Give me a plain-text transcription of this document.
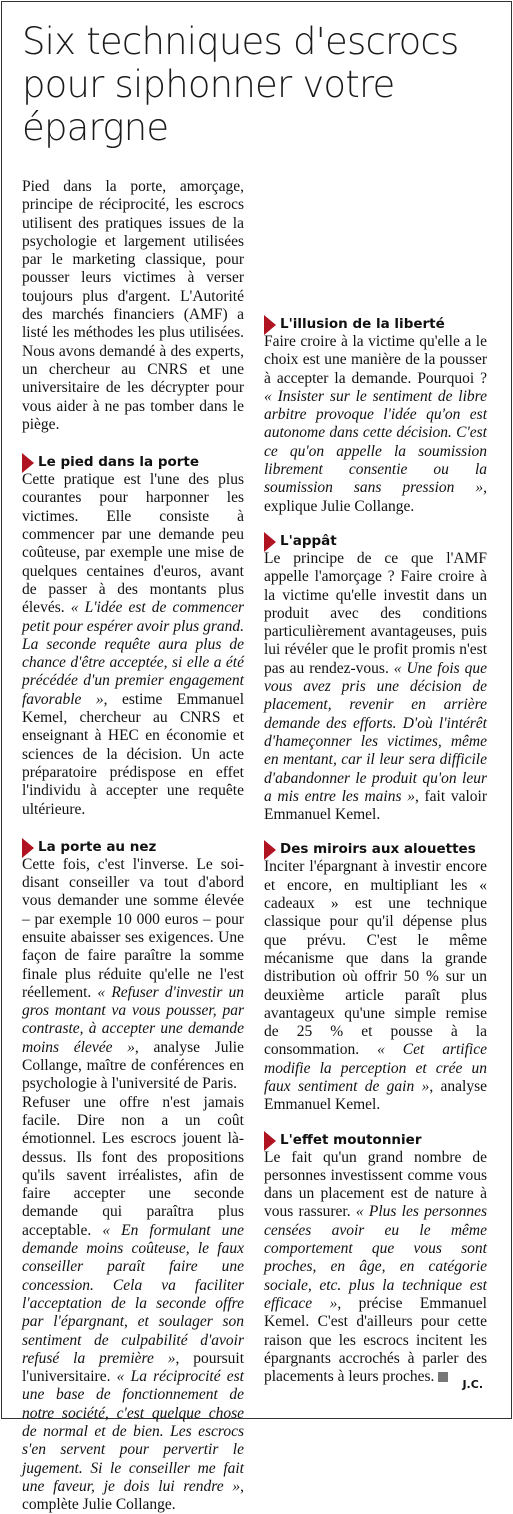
Six techniques d'escrocs pour siphonner votre épargne

Pied dans la porte, amorçage, principe de réciprocité, les escrocs utilisent des pratiques issues de la psychologie et largement utilisées par le marketing classique, pour pousser leurs victimes à verser toujours plus d'argent. L'Autorité des marchés financiers (AMF) a listé les méthodes les plus utilisées. Nous avons demandé à des experts, un chercheur au CNRS et une universitaire de les décrypter pour vous aider à ne pas tomber dans le piège.

Le pied dans la porte

Cette pratique est l'une des plus courantes pour harponner les victimes. Elle consiste à commencer par une demande peu coûteuse, par exemple une mise de quelques centaines d'euros, avant de passer à des montants plus élevés. « L'idée est de commencer petit pour espérer avoir plus grand. La seconde requête aura plus de chance d'être acceptée, si elle a été précédée d'un premier engagement favorable », estime Emmanuel Kemel, chercheur au CNRS et enseignant à HEC en économie et sciences de la décision. Un acte préparatoire prédispose en effet l'individu à accepter une requête ultérieure.

La porte au nez

Cette fois, c'est l'inverse. Le soi-disant conseiller va tout d'abord vous demander une somme élevée – par exemple 10 000 euros – pour ensuite abaisser ses exigences. Une façon de faire paraître la somme finale plus réduite qu'elle ne l'est réellement. « Refuser d'investir un gros montant va vous pousser, par contraste, à accepter une demande moins élevée », analyse Julie Collange, maître de conférences en psychologie à l'université de Paris.

Refuser une offre n'est jamais facile. Dire non a un coût émotionnel. Les escrocs jouent là-dessus. Ils font des propositions qu'ils savent irréalistes, afin de faire accepter une seconde demande qui paraîtra plus acceptable. « En formulant une demande moins coûteuse, le faux conseiller paraît faire une concession. Cela va faciliter l'acceptation de la seconde offre par l'épargnant, et soulager son sentiment de culpabilité d'avoir refusé la première », poursuit l'universitaire. « La réciprocité est une base de fonctionnement de notre société, c'est quelque chose de normal et de bien. Les escrocs s'en servent pour pervertir le jugement. Si le conseiller me fait une faveur, je dois lui rendre », complète Julie Collange.

L'illusion de la liberté

Faire croire à la victime qu'elle a le choix est une manière de la pousser à accepter la demande. Pourquoi ? « Insister sur le sentiment de libre arbitre provoque l'idée qu'on est autonome dans cette décision. C'est ce qu'on appelle la soumission librement consentie ou la soumission sans pression », explique Julie Collange.

L'appât

Le principe de ce que l'AMF appelle l'amorçage ? Faire croire à la victime qu'elle investit dans un produit avec des conditions particulièrement avantageuses, puis lui révéler que le profit promis n'est pas au rendez-vous. « Une fois que vous avez pris une décision de placement, revenir en arrière demande des efforts. D'où l'intérêt d'hameçonner les victimes, même en mentant, car il leur sera difficile d'abandonner le produit qu'on leur a mis entre les mains », fait valoir Emmanuel Kemel.

Des miroirs aux alouettes

Inciter l'épargnant à investir encore et encore, en multipliant les « cadeaux » est une technique classique pour qu'il dépense plus que prévu. C'est le même mécanisme que dans la grande distribution où offrir 50 % sur un deuxième article paraît plus avantageux qu'une simple remise de 25 % et pousse à la consommation. « Cet artifice modifie la perception et crée un faux sentiment de gain », analyse Emmanuel Kemel.

L'effet moutonnier

Le fait qu'un grand nombre de personnes investissent comme vous dans un placement est de nature à vous rassurer. « Plus les personnes censées avoir eu le même comportement que vous sont proches, en âge, en catégorie sociale, etc. plus la technique est efficace », précise Emmanuel Kemel. C'est d'ailleurs pour cette raison que les escrocs incitent les épargnants accrochés à parler des placements à leurs proches.	J.C.
